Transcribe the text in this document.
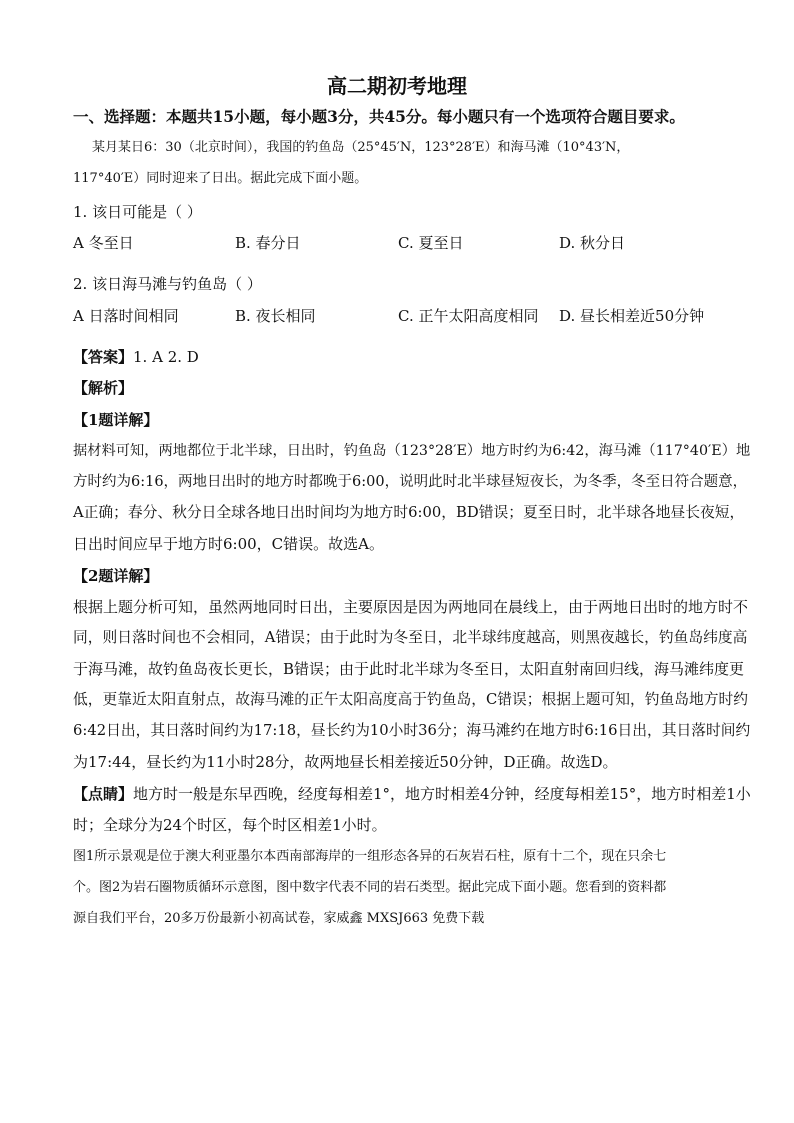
高二期初考地理
一、选择题：本题共15小题，每小题3分，共45分。每小题只有一个选项符合题目要求。
某月某日6：30（北京时间），我国的钓鱼岛（25°45′N，123°28′E）和海马滩（10°43′N，
117°40′E）同时迎来了日出。据此完成下面小题。
1. 该日可能是（ ）
A 冬至日	B. 春分日	C. 夏至日	D. 秋分日
2. 该日海马滩与钓鱼岛（ ）
A 日落时间相同	B. 夜长相同	C. 正午太阳高度相同 D. 昼长相差近50分钟
【答案】1. A 2. D
【解析】
【1题详解】
据材料可知，两地都位于北半球，日出时，钓鱼岛（123°28′E）地方时约为6:42，海马滩（117°40′E）地
方时约为6:16，两地日出时的地方时都晚于6:00，说明此时北半球昼短夜长，为冬季，冬至日符合题意，
A正确；春分、秋分日全球各地日出时间均为地方时6:00，BD错误；夏至日时，北半球各地昼长夜短，
日出时间应早于地方时6:00，C错误。故选A。
【2题详解】
根据上题分析可知，虽然两地同时日出，主要原因是因为两地同在晨线上，由于两地日出时的地方时不
同，则日落时间也不会相同，A错误；由于此时为冬至日，北半球纬度越高，则黑夜越长，钓鱼岛纬度高
于海马滩，故钓鱼岛夜长更长，B错误；由于此时北半球为冬至日，太阳直射南回归线，海马滩纬度更
低，更靠近太阳直射点，故海马滩的正午太阳高度高于钓鱼岛，C错误；根据上题可知，钓鱼岛地方时约
6:42日出，其日落时间约为17:18，昼长约为10小时36分；海马滩约在地方时6:16日出，其日落时间约
为17:44，昼长约为11小时28分，故两地昼长相差接近50分钟，D正确。故选D。
【点睛】地方时一般是东早西晚，经度每相差1°，地方时相差4分钟，经度每相差15°，地方时相差1小
时；全球分为24个时区，每个时区相差1小时。
图1所示景观是位于澳大利亚墨尔本西南部海岸的一组形态各异的石灰岩石柱，原有十二个，现在只余七
个。图2为岩石圈物质循环示意图，图中数字代表不同的岩石类型。据此完成下面小题。您看到的资料都
源自我们平台，20多万份最新小初高试卷，家威鑫 MXSJ663 免费下载
